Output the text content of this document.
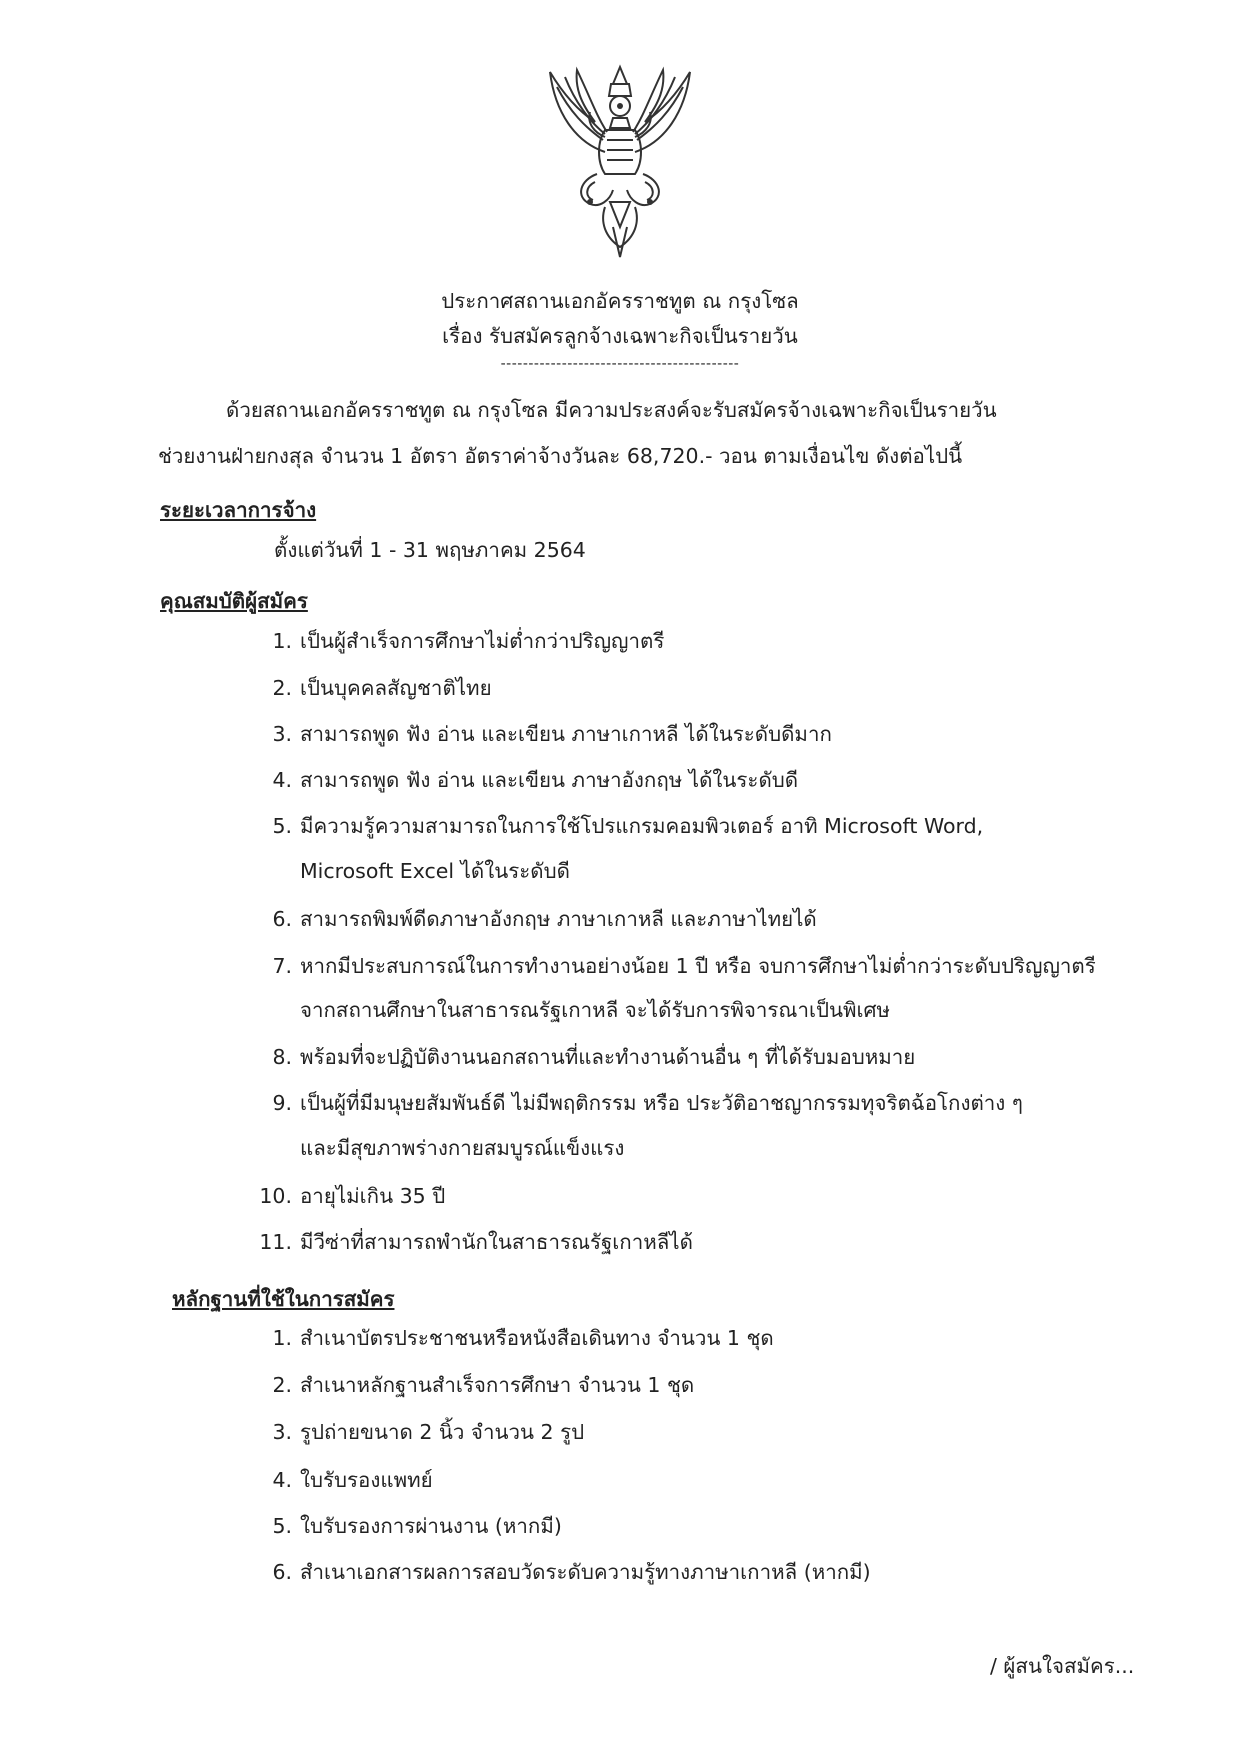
ประกาศสถานเอกอัครราชทูต ณ กรุงโซล
เรื่อง รับสมัครลูกจ้างเฉพาะกิจเป็นรายวัน
-------------------------------------------
ด้วยสถานเอกอัครราชทูต ณ กรุงโซล มีความประสงค์จะรับสมัครจ้างเฉพาะกิจเป็นรายวัน
ช่วยงานฝ่ายกงสุล จำนวน 1 อัตรา อัตราค่าจ้างวันละ 68,720.- วอน ตามเงื่อนไข ดังต่อไปนี้
ระยะเวลาการจ้าง
ตั้งแต่วันที่ 1 - 31 พฤษภาคม 2564
คุณสมบัติผู้สมัคร
1. เป็นผู้สำเร็จการศึกษาไม่ต่ำกว่าปริญญาตรี
2. เป็นบุคคลสัญชาติไทย
3. สามารถพูด ฟัง อ่าน และเขียน ภาษาเกาหลี ได้ในระดับดีมาก
4. สามารถพูด ฟัง อ่าน และเขียน ภาษาอังกฤษ ได้ในระดับดี
5. มีความรู้ความสามารถในการใช้โปรแกรมคอมพิวเตอร์ อาทิ Microsoft Word,
Microsoft Excel ได้ในระดับดี
6. สามารถพิมพ์ดีดภาษาอังกฤษ ภาษาเกาหลี และภาษาไทยได้
7. หากมีประสบการณ์ในการทำงานอย่างน้อย 1 ปี หรือ จบการศึกษาไม่ต่ำกว่าระดับปริญญาตรี
จากสถานศึกษาในสาธารณรัฐเกาหลี จะได้รับการพิจารณาเป็นพิเศษ
8. พร้อมที่จะปฏิบัติงานนอกสถานที่และทำงานด้านอื่น ๆ ที่ได้รับมอบหมาย
9. เป็นผู้ที่มีมนุษยสัมพันธ์ดี ไม่มีพฤติกรรม หรือ ประวัติอาชญากรรมทุจริตฉ้อโกงต่าง ๆ
และมีสุขภาพร่างกายสมบูรณ์แข็งแรง
10. อายุไม่เกิน 35 ปี
11. มีวีซ่าที่สามารถพำนักในสาธารณรัฐเกาหลีได้
หลักฐานที่ใช้ในการสมัคร
1. สำเนาบัตรประชาชนหรือหนังสือเดินทาง จำนวน 1 ชุด
2. สำเนาหลักฐานสำเร็จการศึกษา จำนวน 1 ชุด
3. รูปถ่ายขนาด 2 นิ้ว จำนวน 2 รูป
4. ใบรับรองแพทย์
5. ใบรับรองการผ่านงาน (หากมี)
6. สำเนาเอกสารผลการสอบวัดระดับความรู้ทางภาษาเกาหลี (หากมี)
/ ผู้สนใจสมัคร...
